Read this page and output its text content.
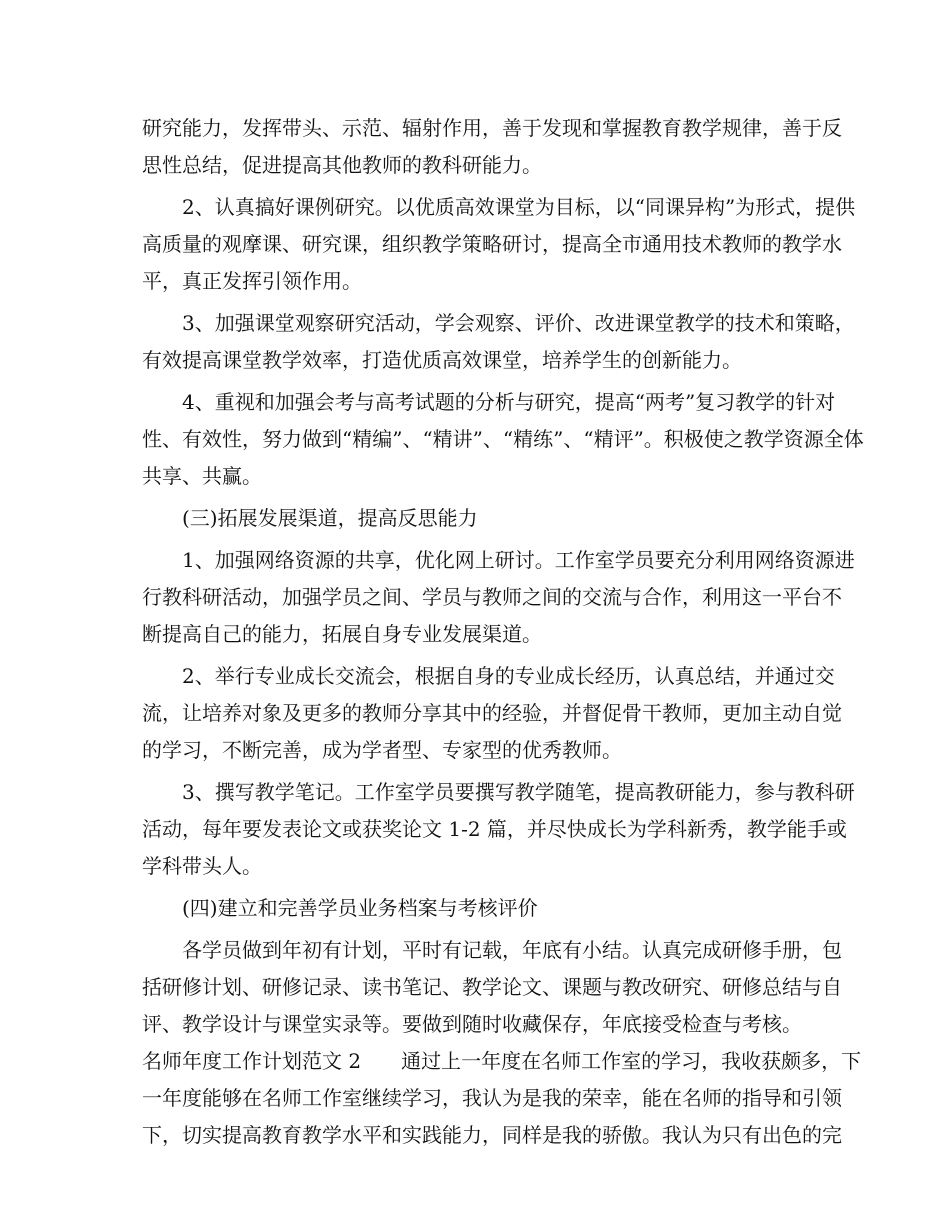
研究能力，发挥带头、示范、辐射作用，善于发现和掌握教育教学规律，善于反
思性总结，促进提高其他教师的教科研能力。
2、认真搞好课例研究。以优质高效课堂为目标，以“同课异构”为形式，提供
高质量的观摩课、研究课，组织教学策略研讨，提高全市通用技术教师的教学水
平，真正发挥引领作用。
3、加强课堂观察研究活动，学会观察、评价、改进课堂教学的技术和策略，
有效提高课堂教学效率，打造优质高效课堂，培养学生的创新能力。
4、重视和加强会考与高考试题的分析与研究，提高“两考”复习教学的针对
性、有效性，努力做到“精编”、“精讲”、“精练”、“精评”。积极使之教学资源全体
共享、共赢。
(三)拓展发展渠道，提高反思能力
1、加强网络资源的共享，优化网上研讨。工作室学员要充分利用网络资源进
行教科研活动，加强学员之间、学员与教师之间的交流与合作，利用这一平台不
断提高自己的能力，拓展自身专业发展渠道。
2、举行专业成长交流会，根据自身的专业成长经历，认真总结，并通过交
流，让培养对象及更多的教师分享其中的经验，并督促骨干教师，更加主动自觉
的学习，不断完善，成为学者型、专家型的优秀教师。
3、撰写教学笔记。工作室学员要撰写教学随笔，提高教研能力，参与教科研
活动，每年要发表论文或获奖论文 1-2 篇，并尽快成长为学科新秀，教学能手或
学科带头人。
(四)建立和完善学员业务档案与考核评价
各学员做到年初有计划，平时有记载，年底有小结。认真完成研修手册，包
括研修计划、研修记录、读书笔记、教学论文、课题与教改研究、研修总结与自
评、教学设计与课堂实录等。要做到随时收藏保存，年底接受检查与考核。
名师年度工作计划范文 2　　通过上一年度在名师工作室的学习，我收获颇多，下
一年度能够在名师工作室继续学习，我认为是我的荣幸，能在名师的指导和引领
下，切实提高教育教学水平和实践能力，同样是我的骄傲。我认为只有出色的完
